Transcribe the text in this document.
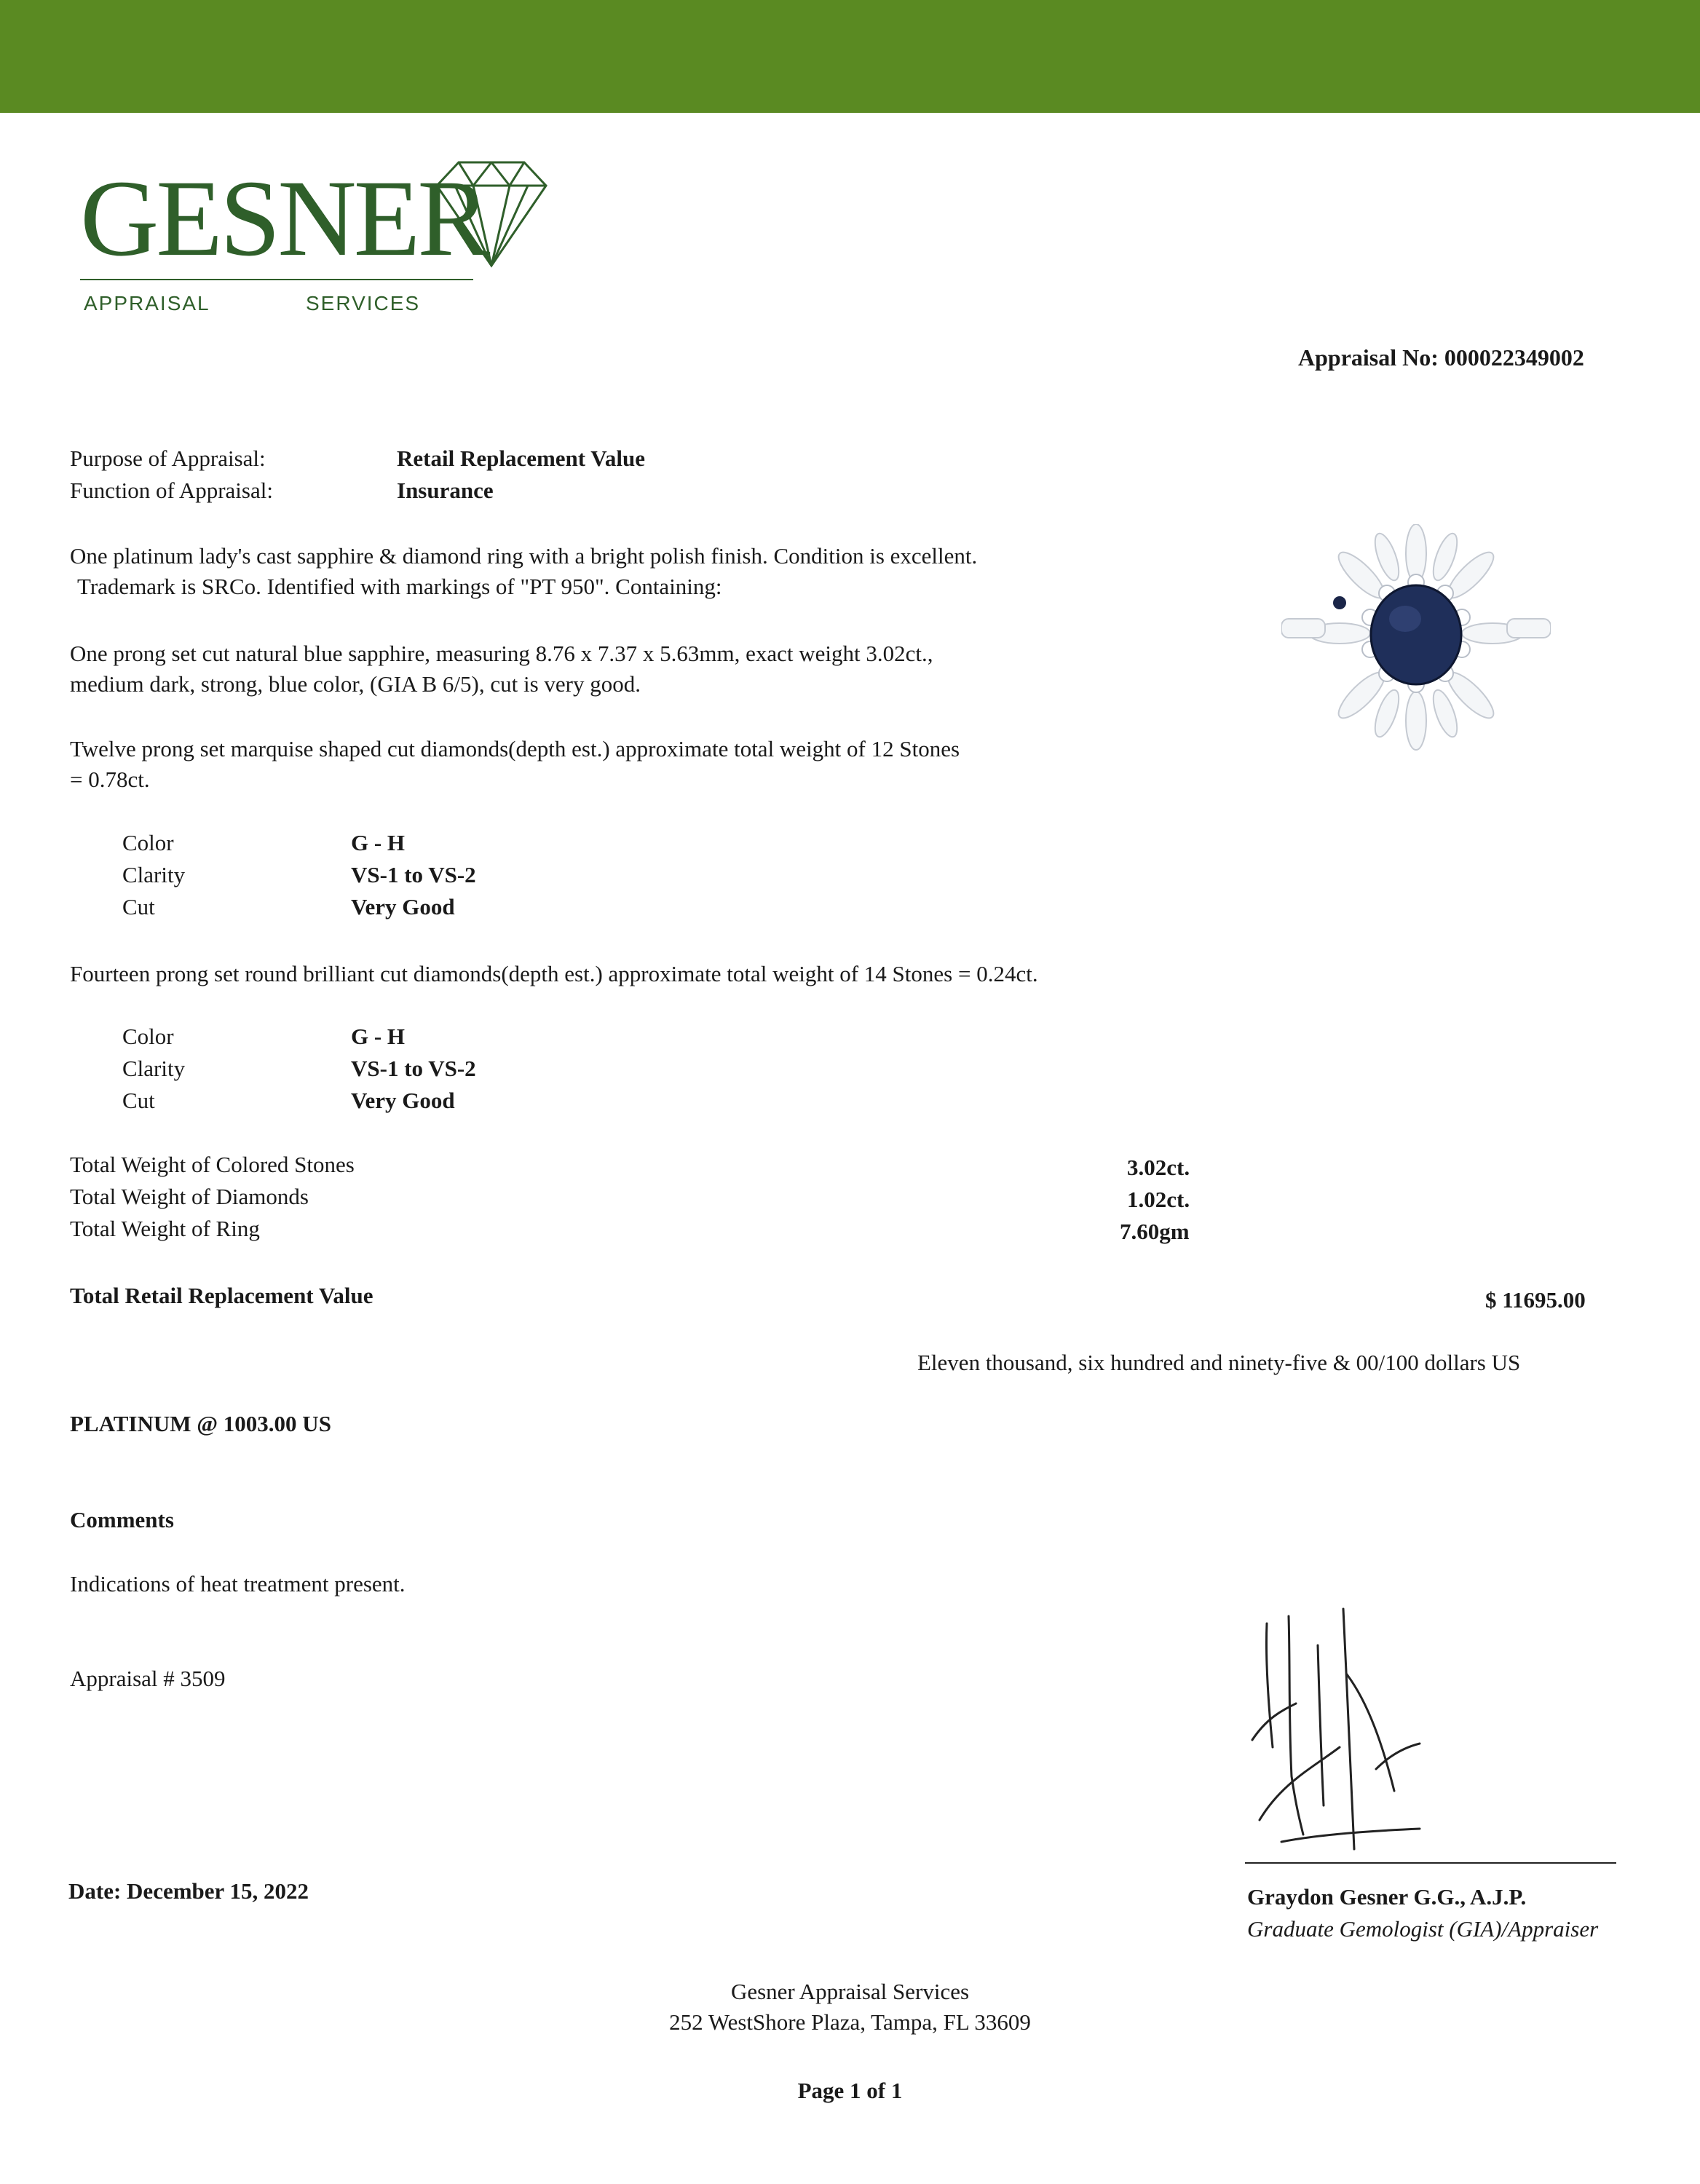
GESNER
APPRAISAL	SERVICES
Appraisal No: 000022349002
Purpose of Appraisal:	Retail Replacement Value
Function of Appraisal:	Insurance
One platinum lady's cast sapphire & diamond ring with a bright polish finish. Condition is excellent.
Trademark is SRCo. Identified with markings of "PT 950". Containing:
One prong set cut natural blue sapphire, measuring 8.76 x 7.37 x 5.63mm, exact weight 3.02ct.,
medium dark, strong, blue color, (GIA B 6/5), cut is very good.
Twelve prong set marquise shaped cut diamonds(depth est.) approximate total weight of 12 Stones
= 0.78ct.
Color	G - H
Clarity	VS-1 to VS-2
Cut	Very Good
Fourteen prong set round brilliant cut diamonds(depth est.) approximate total weight of 14 Stones = 0.24ct.
Color	G - H
Clarity	VS-1 to VS-2
Cut	Very Good
Total Weight of Colored Stones	3.02ct.
Total Weight of Diamonds	1.02ct.
Total Weight of Ring	7.60gm
Total Retail Replacement Value	$ 11695.00
Eleven thousand, six hundred and ninety-five & 00/100 dollars US
PLATINUM @ 1003.00 US
Comments
Indications of heat treatment present.
Appraisal # 3509
Date: December 15, 2022	Graydon Gesner G.G., A.J.P.
Graduate Gemologist (GIA)/Appraiser
Gesner Appraisal Services
252 WestShore Plaza, Tampa, FL 33609
Page 1 of 1
